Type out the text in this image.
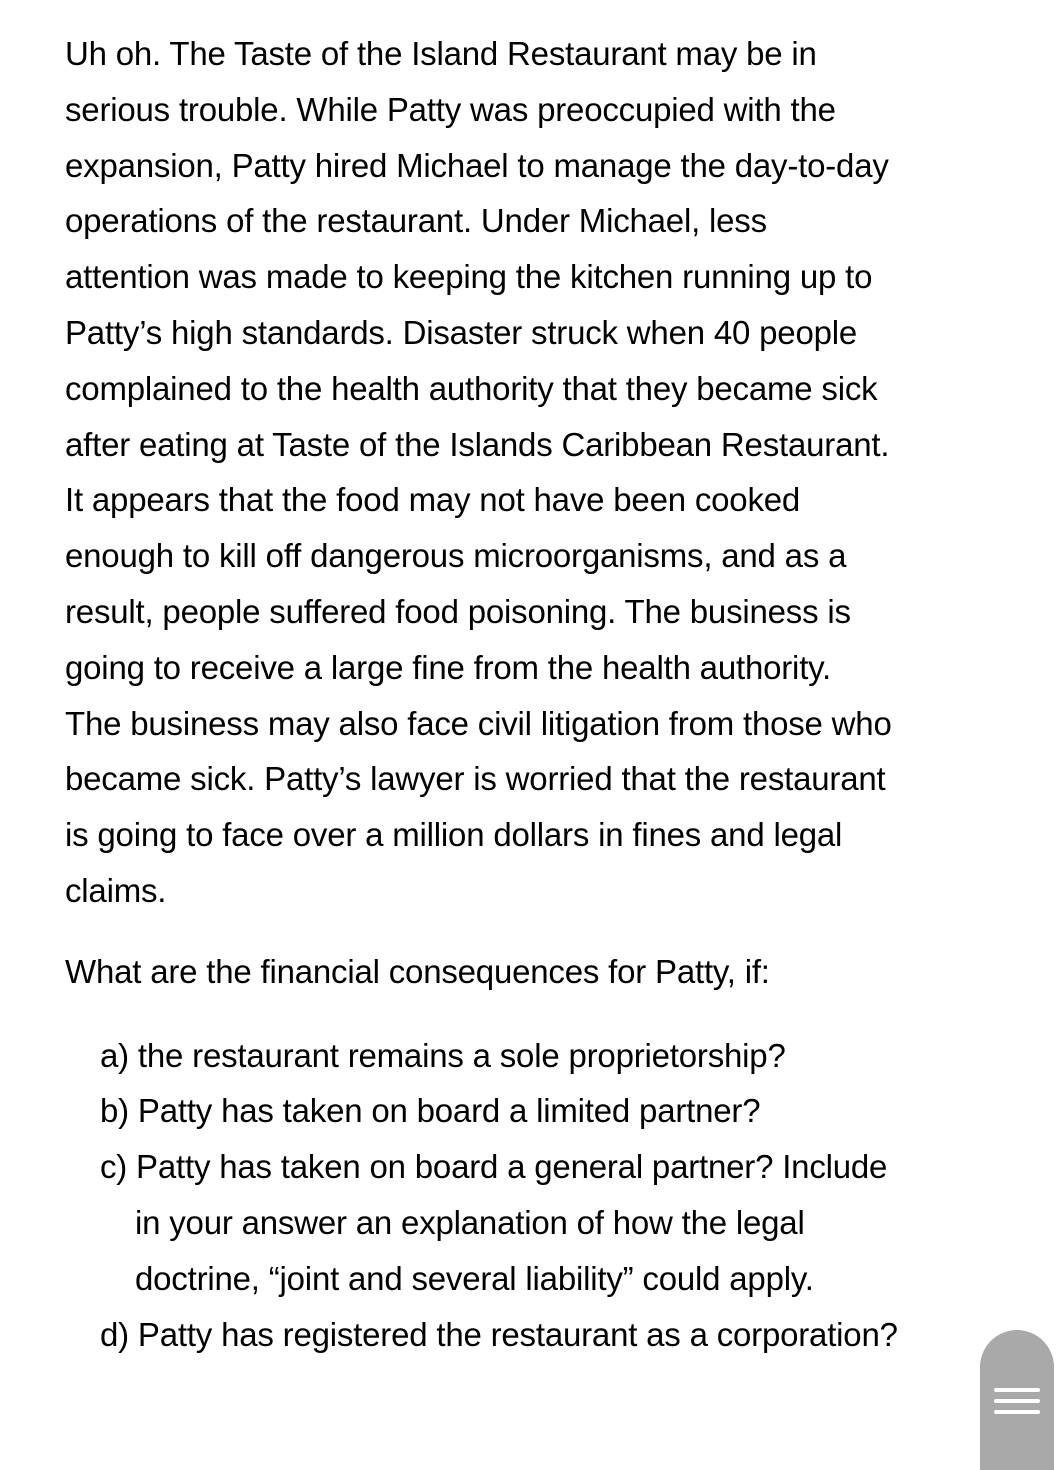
Uh oh. The Taste of the Island Restaurant may be in
serious trouble. While Patty was preoccupied with the
expansion, Patty hired Michael to manage the day-to-day
operations of the restaurant. Under Michael, less
attention was made to keeping the kitchen running up to
Patty’s high standards. Disaster struck when 40 people
complained to the health authority that they became sick
after eating at Taste of the Islands Caribbean Restaurant.
It appears that the food may not have been cooked
enough to kill off dangerous microorganisms, and as a
result, people suffered food poisoning. The business is
going to receive a large fine from the health authority.
The business may also face civil litigation from those who
became sick. Patty’s lawyer is worried that the restaurant
is going to face over a million dollars in fines and legal
claims.

What are the financial consequences for Patty, if:
a) the restaurant remains a sole proprietorship?
b) Patty has taken on board a limited partner?
c) Patty has taken on board a general partner? Include
in your answer an explanation of how the legal
doctrine, “joint and several liability” could apply.
d) Patty has registered the restaurant as a corporation?
